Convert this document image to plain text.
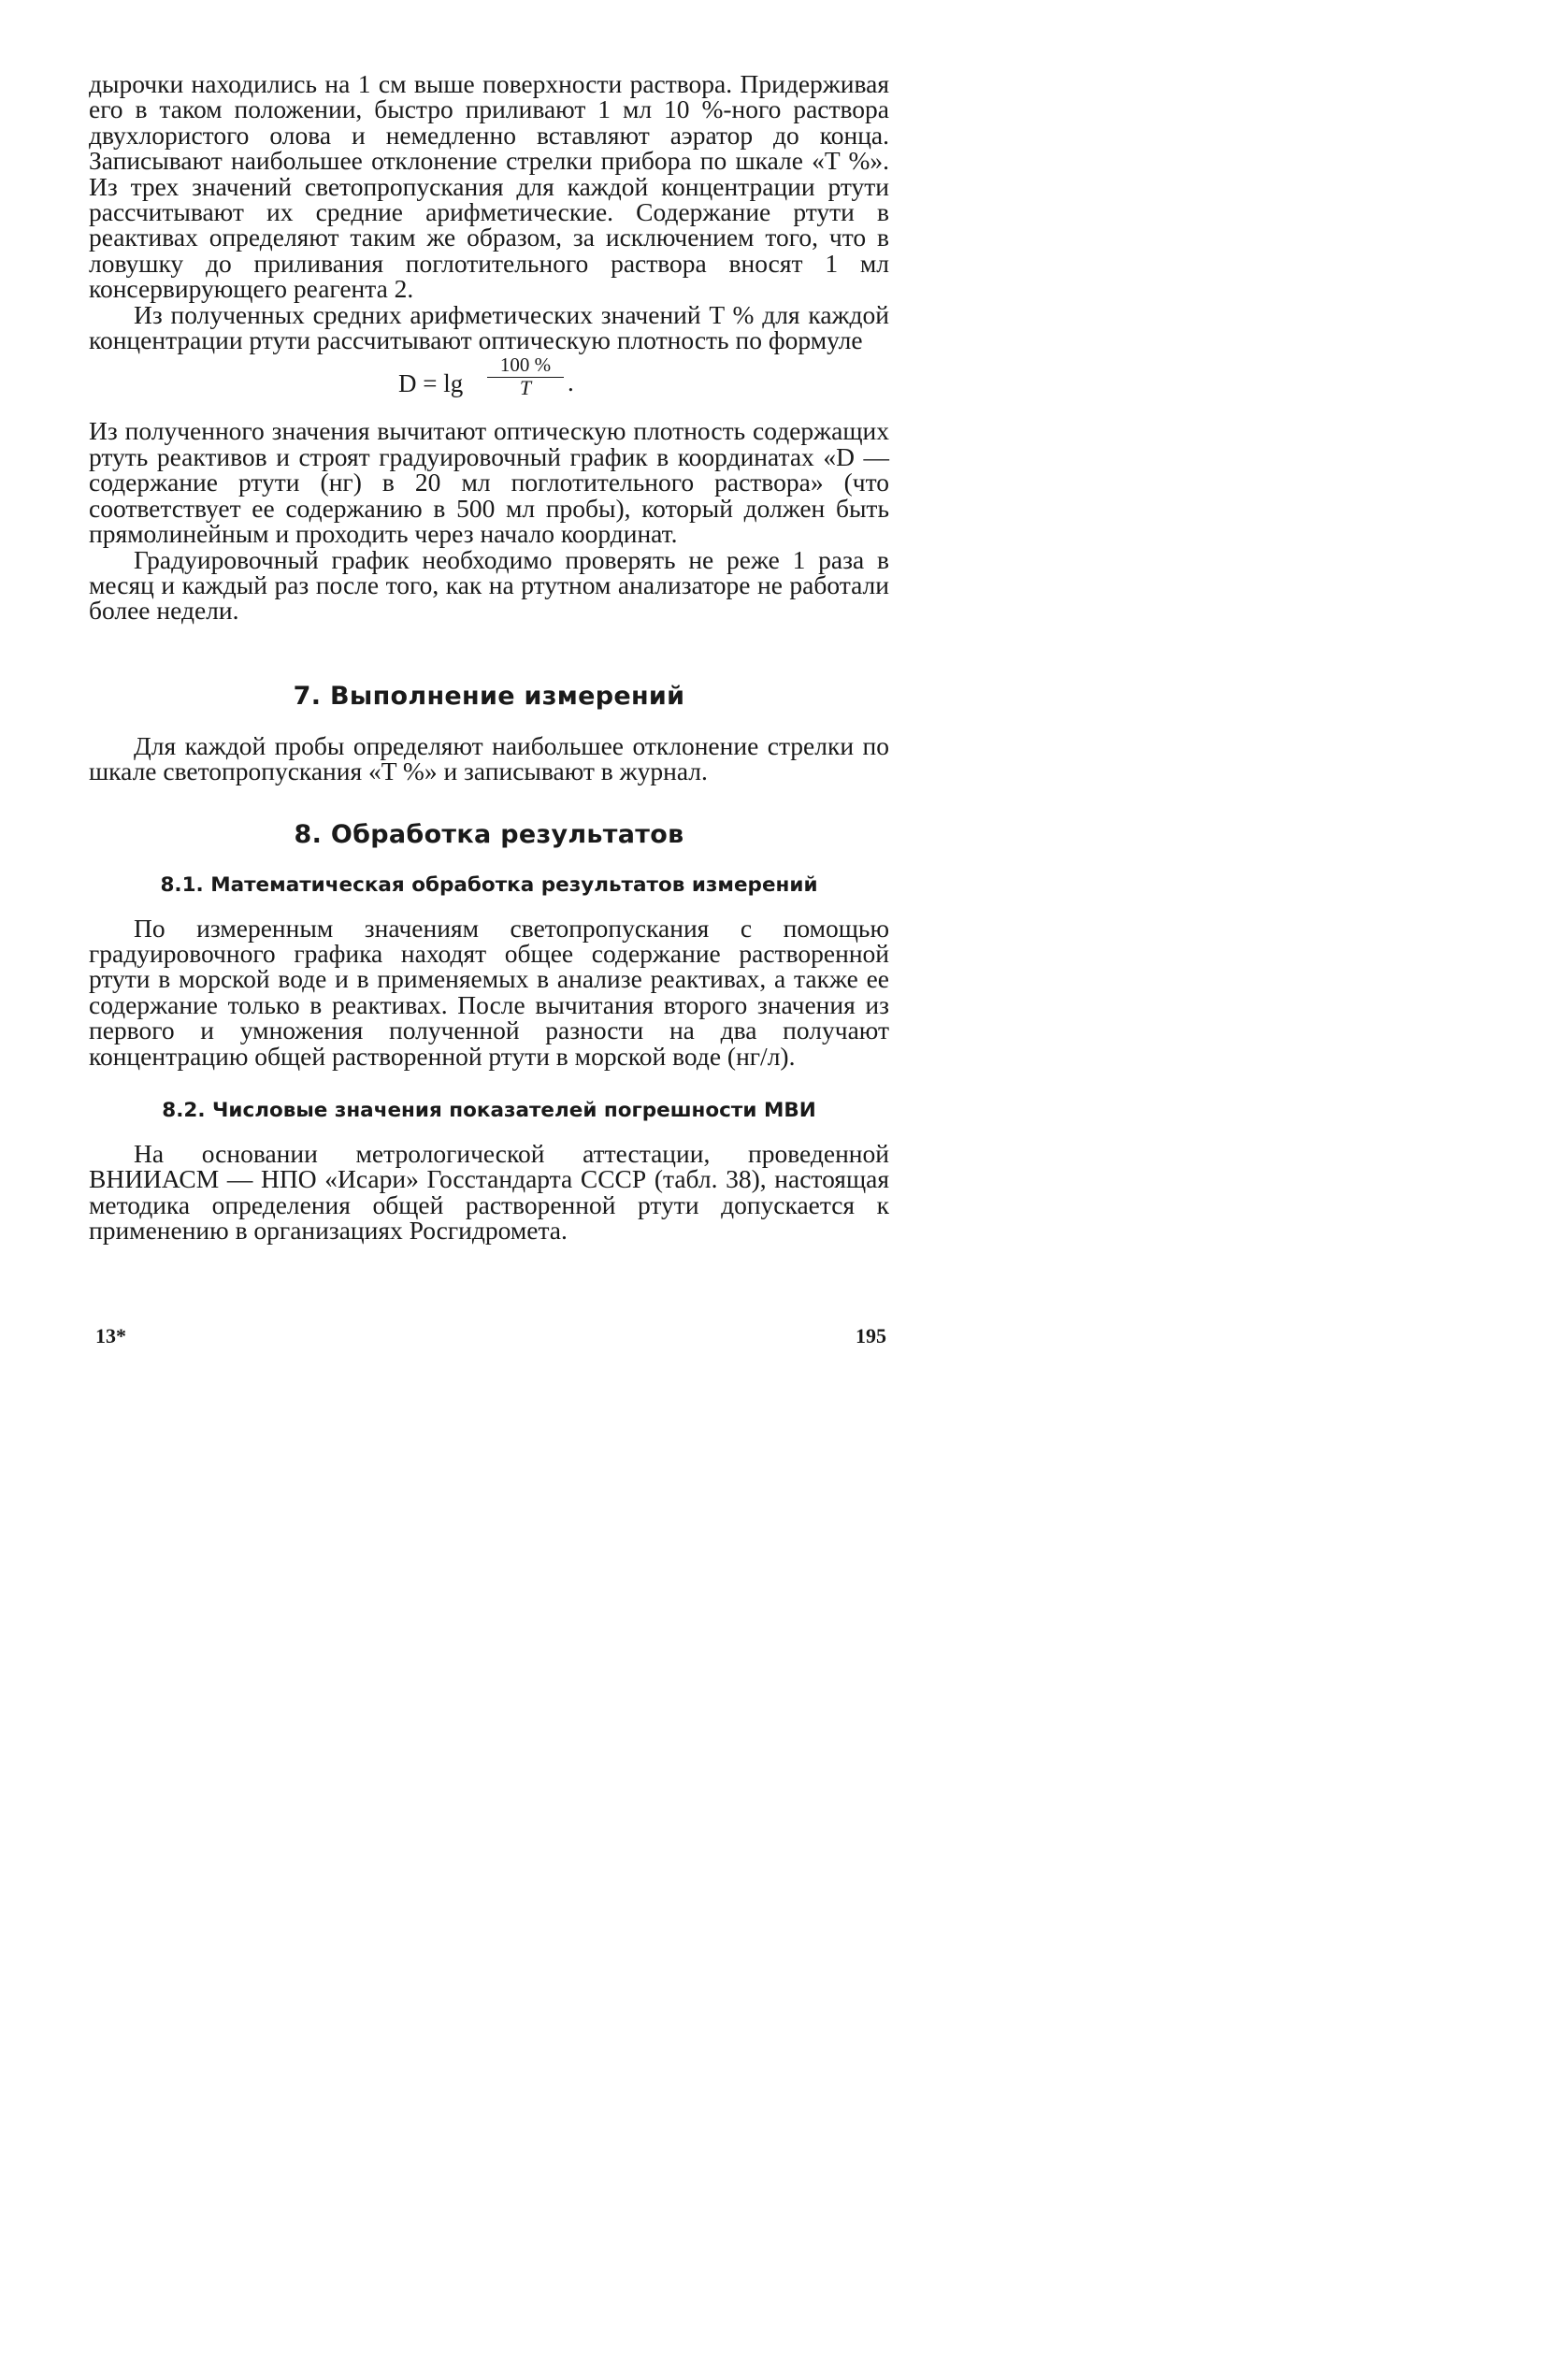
дырочки находились на 1 см выше поверхности раствора. Придерживая его в таком положении, быстро приливают 1 мл 10 %-ного раствора двухлористого олова и немедленно вставляют аэратор до конца. Записывают наибольшее отклонение стрелки прибора по шкале «T %». Из трех значений светопропускания для каждой концентрации ртути рассчитывают их средние арифметические. Содержание ртути в реактивах определяют таким же образом, за исключением того, что в ловушку до приливания поглотительного раствора вносят 1 мл консервирующего реагента 2.

Из полученных средних арифметических значений T % для каждой концентрации ртути рассчитывают оптическую плотность по формуле

D = lg
100 %
T	.

Из полученного значения вычитают оптическую плотность содержащих ртуть реактивов и строят градуировочный график в координатах «D — содержание ртути (нг) в 20 мл поглотительного раствора» (что соответствует ее содержанию в 500 мл пробы), который должен быть прямолинейным и проходить через начало координат.

Градуировочный график необходимо проверять не реже 1 раза в месяц и каждый раз после того, как на ртутном анализаторе не работали более недели.

7. Выполнение измерений

Для каждой пробы определяют наибольшее отклонение стрелки по шкале светопропускания «T %» и записывают в журнал.

8. Обработка результатов
8.1. Математическая обработка результатов измерений

По измеренным значениям светопропускания с помощью градуировочного графика находят общее содержание растворенной ртути в морской воде и в применяемых в анализе реактивах, а также ее содержание только в реактивах. После вычитания второго значения из первого и умножения полученной разности на два получают концентрацию общей растворенной ртути в морской воде (нг/л).

8.2. Числовые значения показателей погрешности МВИ

На основании метрологической аттестации, проведенной ВНИИАСМ — НПО «Исари» Госстандарта СССР (табл. 38), настоящая методика определения общей растворенной ртути допускается к применению в организациях Росгидромета.

13*	195
